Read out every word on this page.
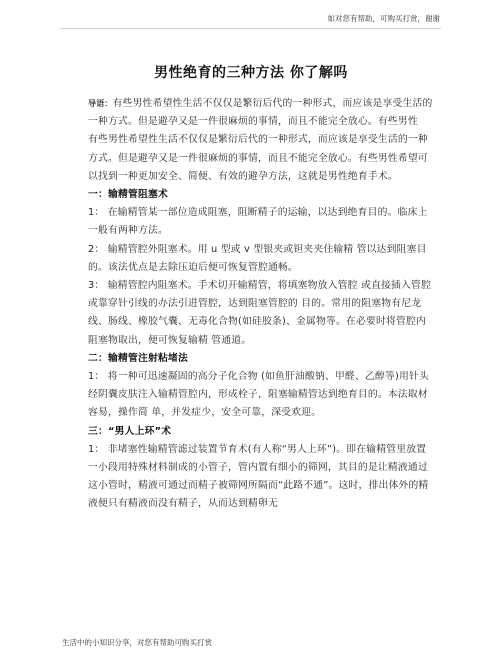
如对您有帮助，可购买打赏，谢谢
男性绝育的三种方法 你了解吗

导语：有些男性希望性生活不仅仅是繁衍后代的一种形式，而应该是享受生活的一种方式。但是避孕又是一件很麻烦的事情，而且不能完全放心。有些男性

有些男性希望性生活不仅仅是繁衍后代的一种形式，而应该是享受生活的一种方式。但是避孕又是一件很麻烦的事情，而且不能完全放心。有些男性希望可以找到一种更加安全、简便、有效的避孕方法，这就是男性绝育手术。

一：输精管阻塞术

1： 在输精管某一部位造成阻塞，阻断精子的运输，以达到绝育目的。临床上一般有两种方法。

2： 输精管腔外阻塞术。用 u 型或 v 型银夹或钽夹夹住输精 管以达到阻塞目的。该法优点是去除压迫后便可恢复管腔通畅。

3： 输精管腔内阻塞术。手术切开输精管，将填塞物放入管腔 或直接插入管腔或靠穿针引线的办法引进管腔，达到阻塞管腔的 目的。常用的阻塞物有尼龙线、肠线、橡胶气囊、无毒化合物(如硅胶条)、金属物等。在必要时将管腔内阻塞物取出，便可恢复输精 管通道。

二：输精管注射粘堵法

1： 将一种可迅速凝固的高分子化合物 (如鱼肝油酸钠、甲醛、乙醇等)用针头经阴囊皮肤注入输精管腔内，形成栓子，阻塞输精管达到绝育目的。本法取材容易，操作简 单，并发症少，安全可靠，深受欢迎。

三：“男人上环”术

1： 非堵塞性输精管滤过装置节育术(有人称“男人上环”)。即在输精管里放置一小段用特殊材料制成的小管子，管内置有细小的筛网，其目的是让精液通过这小管时，精液可通过而精子被筛网所隔而“此路不通”。这时，排出体外的精液便只有精液而没有精子，从而达到精卵无

生活中的小知识分享，对您有帮助可购买打赏
